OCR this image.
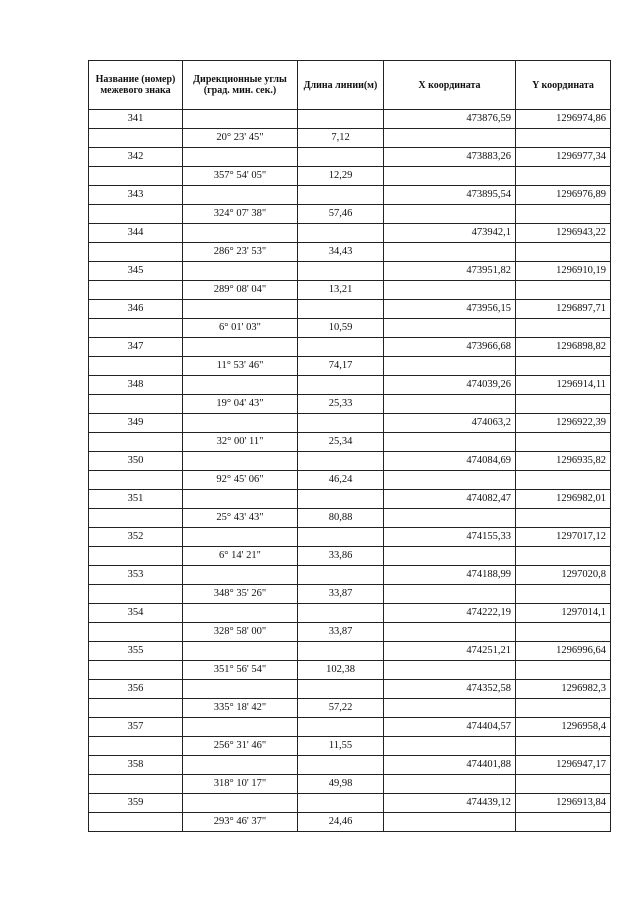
Название (номер) межевого знака	Дирекционные углы (град. мин. сек.)	Длина линии(м)	X координата	Y координата
341			473876,59	1296974,86
	20° 23' 45"	7,12		
342			473883,26	1296977,34
	357° 54' 05"	12,29		
343			473895,54	1296976,89
	324° 07' 38"	57,46		
344			473942,1	1296943,22
	286° 23' 53"	34,43		
345			473951,82	1296910,19
	289° 08' 04"	13,21		
346			473956,15	1296897,71
	6° 01' 03"	10,59		
347			473966,68	1296898,82
	11° 53' 46"	74,17		
348			474039,26	1296914,11
	19° 04' 43"	25,33		
349			474063,2	1296922,39
	32° 00' 11"	25,34		
350			474084,69	1296935,82
	92° 45' 06"	46,24		
351			474082,47	1296982,01
	25° 43' 43"	80,88		
352			474155,33	1297017,12
	6° 14' 21"	33,86		
353			474188,99	1297020,8
	348° 35' 26"	33,87		
354			474222,19	1297014,1
	328° 58' 00"	33,87		
355			474251,21	1296996,64
	351° 56' 54"	102,38		
356			474352,58	1296982,3
	335° 18' 42"	57,22		
357			474404,57	1296958,4
	256° 31' 46"	11,55		
358			474401,88	1296947,17
	318° 10' 17"	49,98		
359			474439,12	1296913,84
	293° 46' 37"	24,46		
